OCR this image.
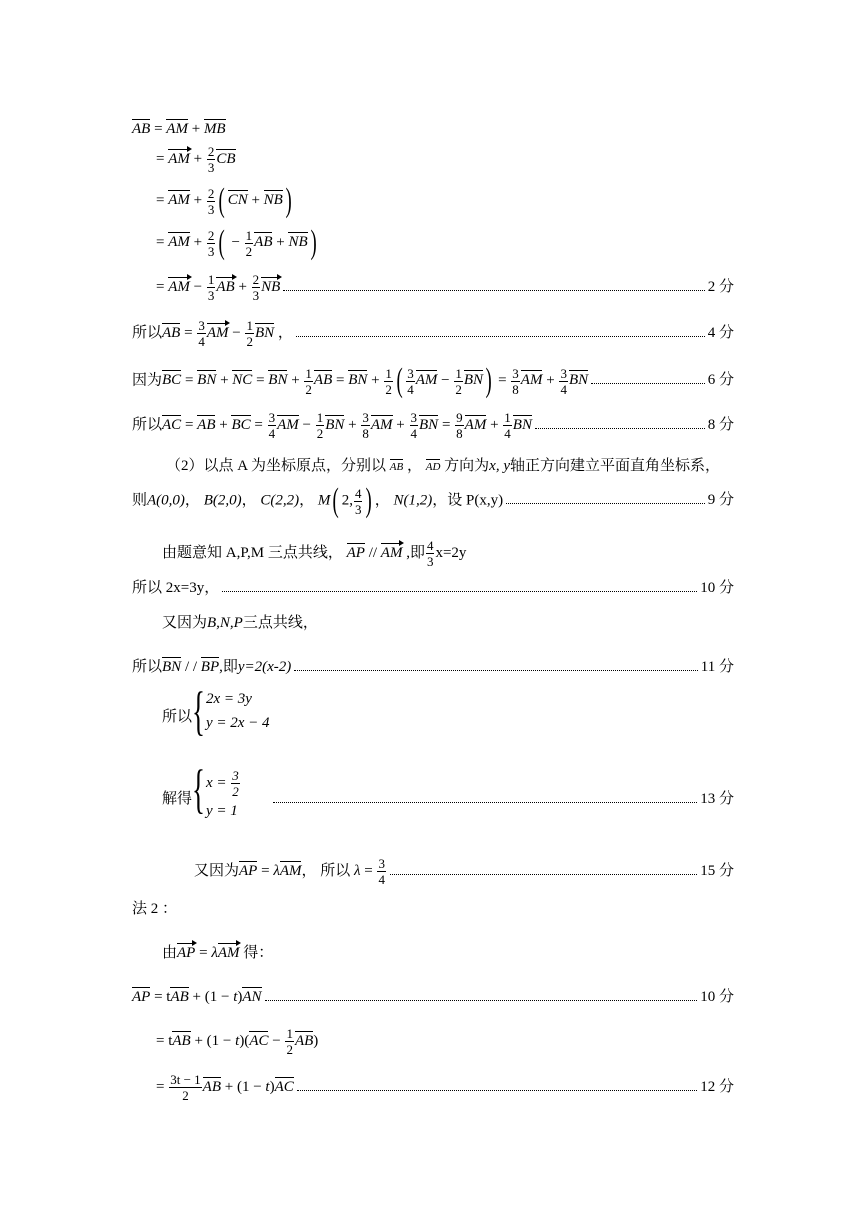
AB = AM + MB
= AM + $\frac{2}{3}$ CB
= AM + $\frac{2}{3}$ ( CN + NB)
= AM + $\frac{2}{3}$ ( − $\frac{1}{2}$ AB + NB)
= AM − $\frac{1}{3}$ AB + $\frac{2}{3}$ NB	2 分
所以AB = $\frac{3}{4}$ AM − $\frac{1}{2}$ BN ，	4 分
因为BC = BN + NC = BN + $\frac{1}{2}$ AB = BN + $\frac{1}{2}$ ( $\frac{3}{4}$ AM − $\frac{1}{2} BN) = \frac{3}{8}$ AM + $\frac{3}{4}$ BN	6 分
所以AC = AB + BC = $\frac{3}{4}$ AM − $\frac{1}{2}$ BN + $\frac{3}{8}$ AM + $\frac{3}{4}$ BN = $\frac{9}{8}$ AM + $\frac{1}{4}$ BN	8 分
（2）以点 A 为坐标原点，分别以 AB ， AD 方向为x, y轴正方向建立平面直角坐标系，
则A(0,0)， B(2,0)， C(2,2)， M( 2, $\frac{4}{3}$ ) ， N(1,2)，设 P(x,y)	9 分
由题意知 A,P,M 三点共线， AP // AM ,即 $\frac{4}{3} x=2y$
所以 2x=3y，	10 分
又因为B,N,P三点共线，
所以BN / / BP,即y=2(x-2)	11 分
所以 { 2x = 3y
y = 2x − 4
解得 { $x = \frac{3}{2}$
y = 1
13 分
又因为AP = λAM， 所以 $\lambda = \frac{3}{4}$	15 分
法 2 ：
由AP = λAM 得：
AP = tAB + (1 − t)AN	10 分
= tAB + $(1 - t)(AC - \frac{1}{2} AB)$
= $\frac{3t - 1}{2}$ AB + (1 − t)AC	12 分
